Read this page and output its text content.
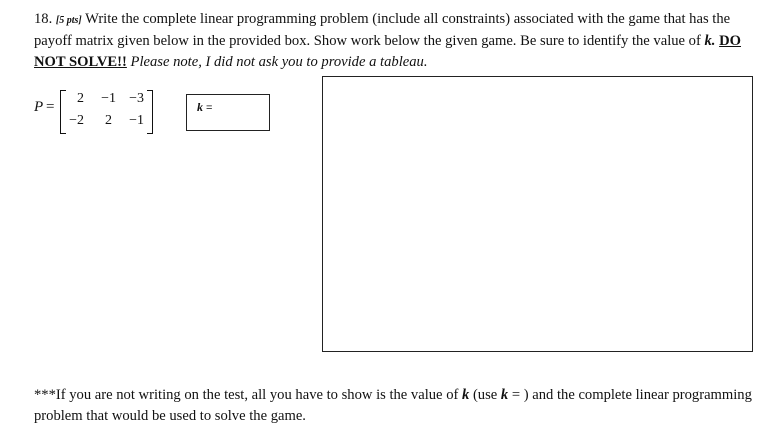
18. [5 pts] Write the complete linear programming problem (include all constraints) associated with the game that has the payoff matrix given below in the provided box. Show work below the given game. Be sure to identify the value of k. DO NOT SOLVE!! Please note, I did not ask you to provide a tableau.
P =
2	−1 −3
−2	2	−1
k =
***If you are not writing on the test, all you have to show is the value of k (use k = ) and the complete linear programming problem that would be used to solve the game.
